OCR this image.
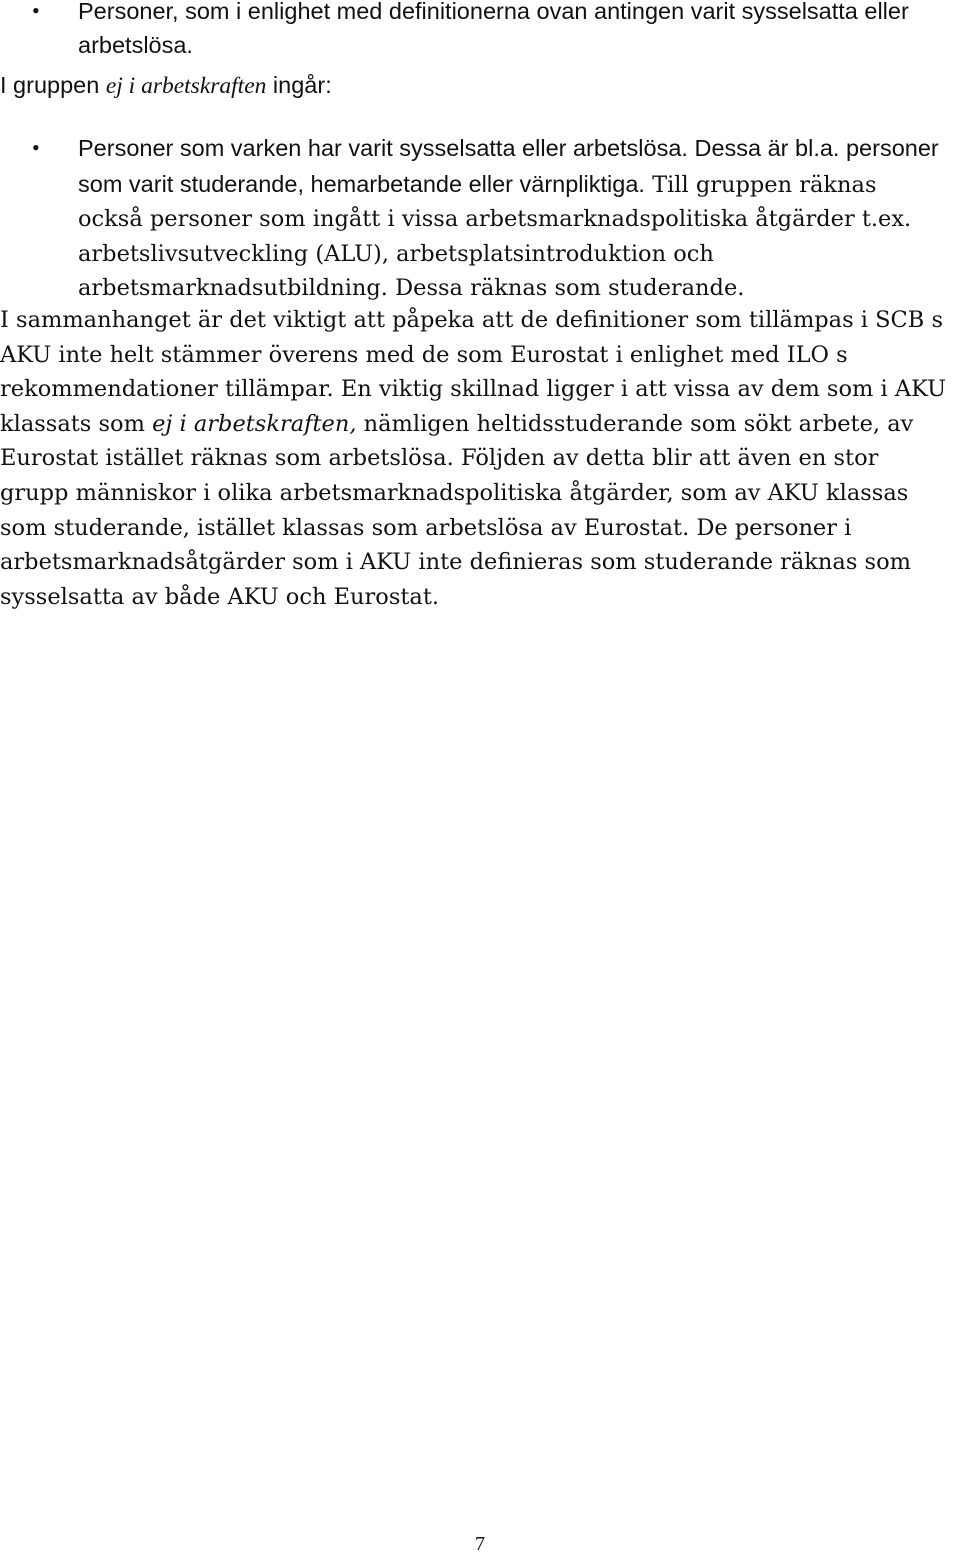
• Personer, som i enlighet med definitionerna ovan antingen varit sysselsatta eller arbetslösa.
I gruppen ej i arbetskraften ingår:
• Personer som varken har varit sysselsatta eller arbetslösa. Dessa är bl.a. personer som varit studerande, hemarbetande eller värnpliktiga. Till gruppen räknas också personer som ingått i vissa arbetsmarknadspolitiska åtgärder t.ex. arbetslivsutveckling (ALU), arbetsplatsintroduktion och arbetsmarknadsutbildning. Dessa räknas som studerande.
I sammanhanget är det viktigt att påpeka att de definitioner som tillämpas i SCB s AKU inte helt stämmer överens med de som Eurostat i enlighet med ILO s rekommendationer tillämpar. En viktig skillnad ligger i att vissa av dem som i AKU klassats som ej i arbetskraften, nämligen heltidsstuderande som sökt arbete, av Eurostat istället räknas som arbetslösa. Följden av detta blir att även en stor grupp människor i olika arbetsmarknadspolitiska åtgärder, som av AKU klassas som studerande, istället klassas som arbetslösa av Eurostat. De personer i arbetsmarknadsåtgärder som i AKU inte definieras som studerande räknas som sysselsatta av både AKU och Eurostat.
7
